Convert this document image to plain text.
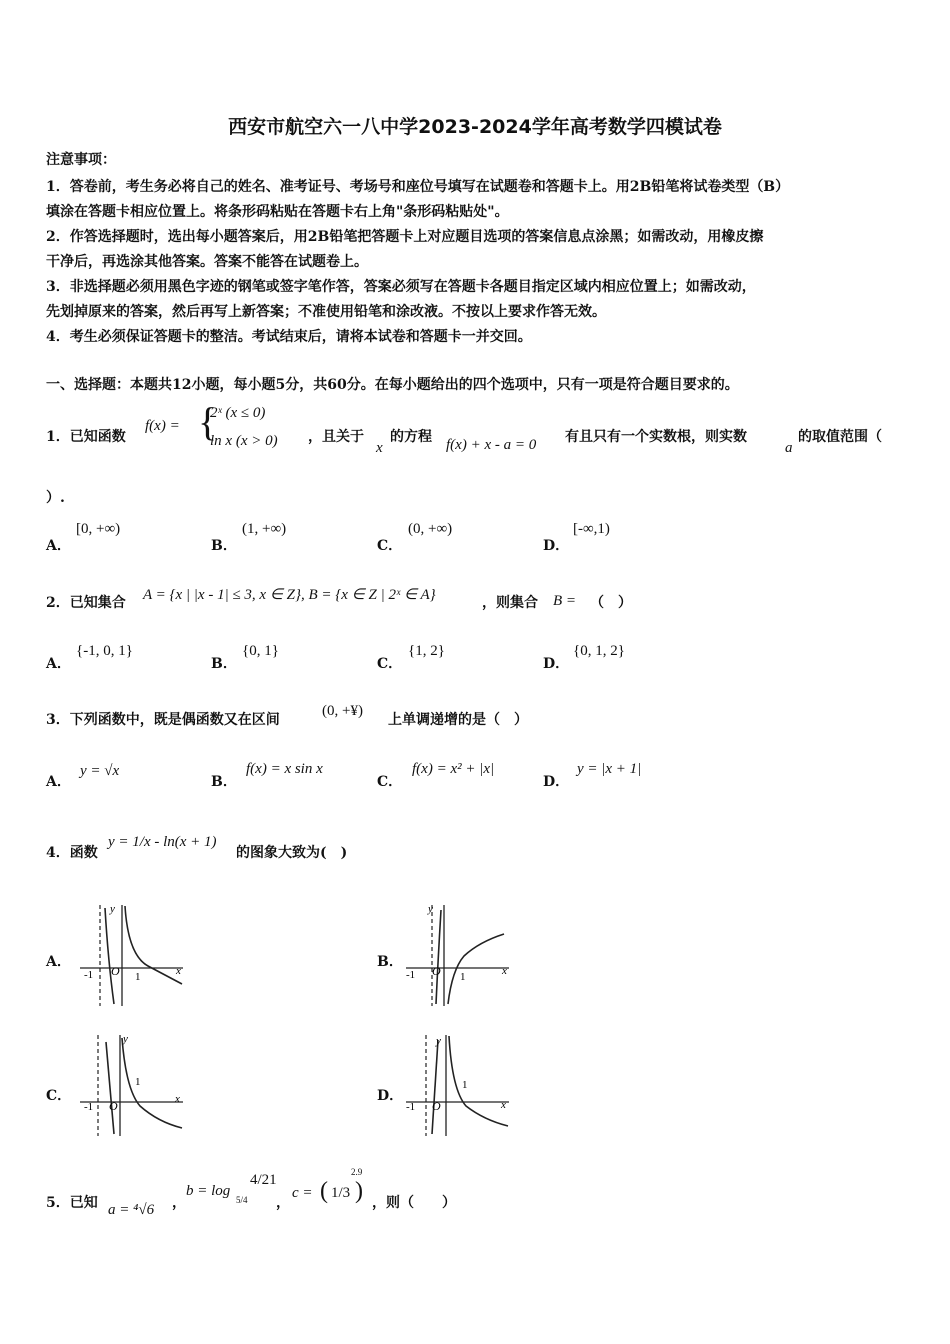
西安市航空六一八中学2023-2024学年高考数学四模试卷
注意事项：
1．答卷前，考生务必将自己的姓名、准考证号、考场号和座位号填写在试题卷和答题卡上。用2B铅笔将试卷类型（B）
填涂在答题卡相应位置上。将条形码粘贴在答题卡右上角"条形码粘贴处"。
2．作答选择题时，选出每小题答案后，用2B铅笔把答题卡上对应题目选项的答案信息点涂黑；如需改动，用橡皮擦
干净后，再选涂其他答案。答案不能答在试题卷上。
3．非选择题必须用黑色字迹的钢笔或签字笔作答，答案必须写在答题卡各题目指定区域内相应位置上；如需改动，
先划掉原来的答案，然后再写上新答案；不准使用铅笔和涂改液。不按以上要求作答无效。
4．考生必须保证答题卡的整洁。考试结束后，请将本试卷和答题卡一并交回。
一、选择题：本题共12小题，每小题5分，共60分。在每小题给出的四个选项中，只有一项是符合题目要求的。
1．已知函数
f(x) = {
2ˣ (x ≤ 0)
ln x (x > 0) ，且关于
x
的方程 f(x) + x - a = 0 有且只有一个实数根，则实数
a
的取值范围（
）.
A．
[0, +∞)
B．
(1, +∞)
C．
(0, +∞)
D．
[-∞,1)
2．已知集合 A = {x | |x - 1| ≤ 3, x ∈ Z}, B = {x ∈ Z | 2ˣ ∈ A}	，则集合 B = （　）
A．
{-1, 0, 1}
B．
{0, 1}
C．
{1, 2}
D．
{0, 1, 2}
3．下列函数中，既是偶函数又在区间
(0, +¥)
上单调递增的是（　）
A．
y = √x
B．
f(x) = x sin x
C．
f(x) = x² + |x|
D．
y = |x + 1|
4．函数
y = 1/x - ln(x + 1)
的图象大致为(　)
A．	B．
C．	D．
y
x
-1 O 1
y
x
-1 O 1
y
x
-1 O
1
y
x
-1 O
1
5．已知 a = ⁴√6 ，
b = log
5/4
4/21
，
c = ( 1/3 )
2.9
，则（　　）
